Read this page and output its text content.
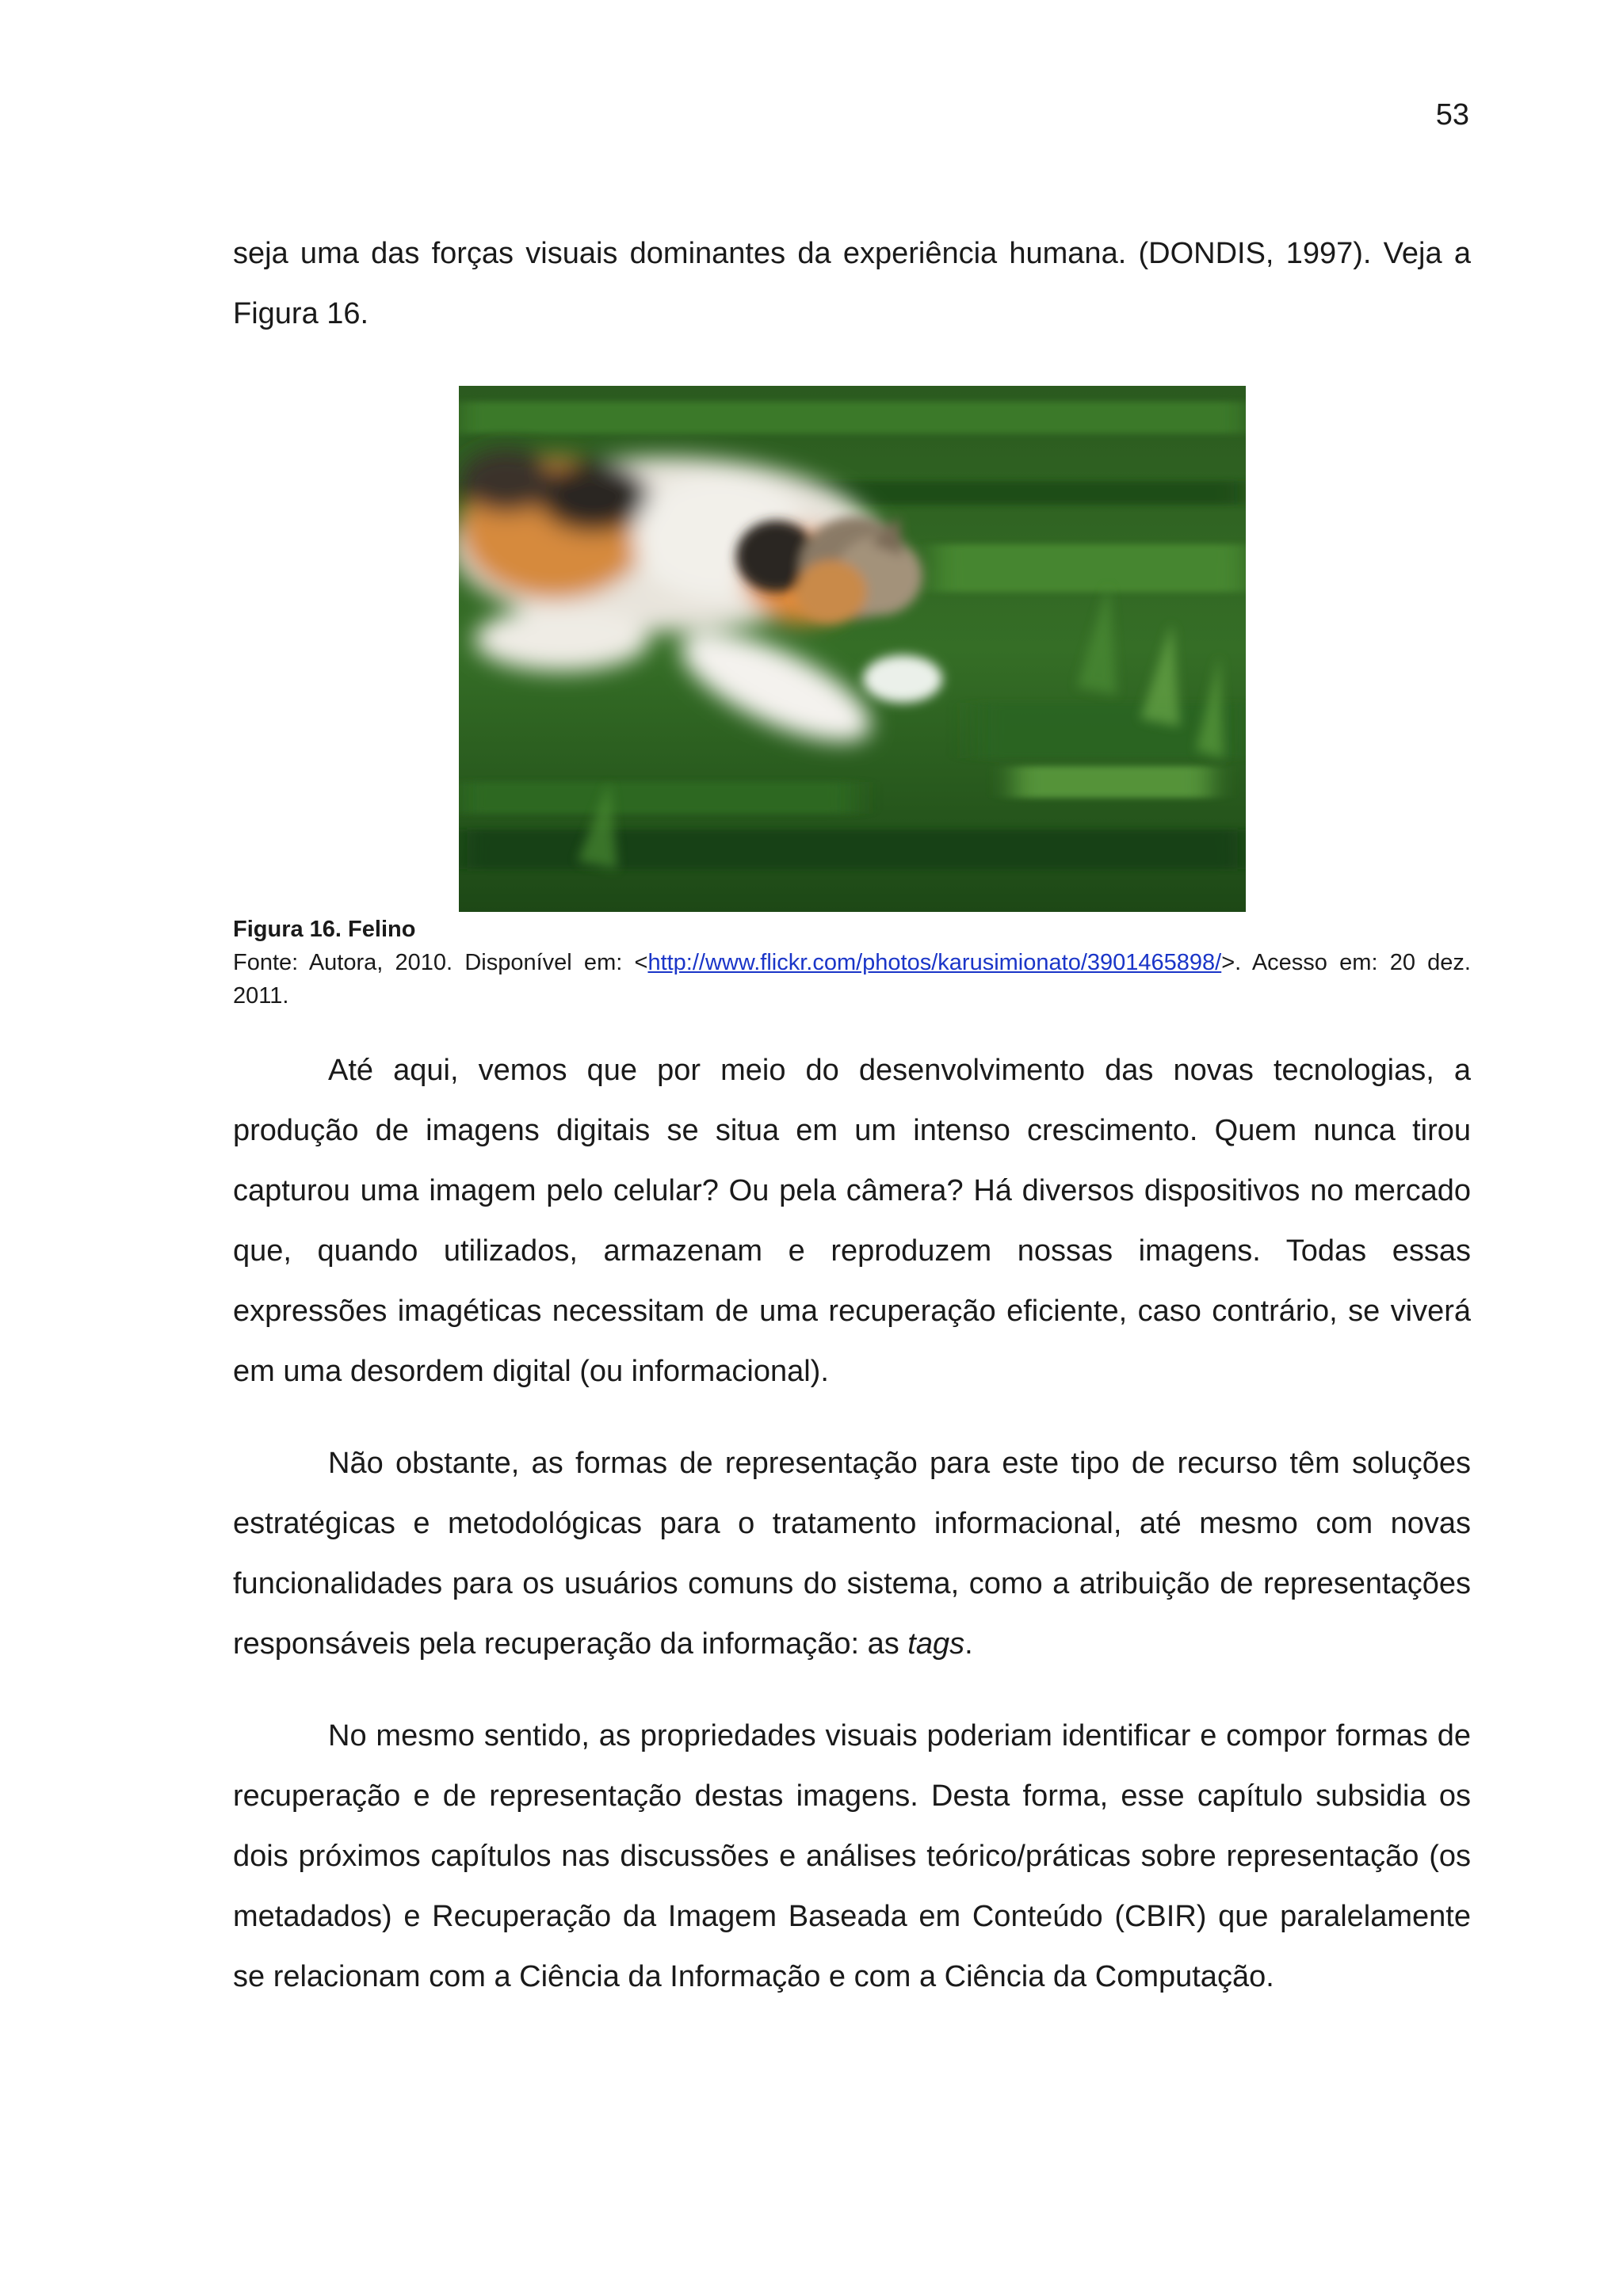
53

seja uma das forças visuais dominantes da experiência humana. (DONDIS, 1997). Veja a Figura 16.

Figura 16. Felino
Fonte: Autora, 2010. Disponível em: <http://www.flickr.com/photos/karusimionato/3901465898/>. Acesso em: 20 dez. 2011.

Até aqui, vemos que por meio do desenvolvimento das novas tecnologias, a produção de imagens digitais se situa em um intenso crescimento. Quem nunca tirou capturou uma imagem pelo celular? Ou pela câmera? Há diversos dispositivos no mercado que, quando utilizados, armazenam e reproduzem nossas imagens. Todas essas expressões imagéticas necessitam de uma recuperação eficiente, caso contrário, se viverá em uma desordem digital (ou informacional).

Não obstante, as formas de representação para este tipo de recurso têm soluções estratégicas e metodológicas para o tratamento informacional, até mesmo com novas funcionalidades para os usuários comuns do sistema, como a atribuição de representações responsáveis pela recuperação da informação: as tags.

No mesmo sentido, as propriedades visuais poderiam identificar e compor formas de recuperação e de representação destas imagens. Desta forma, esse capítulo subsidia os dois próximos capítulos nas discussões e análises teórico/práticas sobre representação (os metadados) e Recuperação da Imagem Baseada em Conteúdo (CBIR) que paralelamente se relacionam com a Ciência da Informação e com a Ciência da Computação.
